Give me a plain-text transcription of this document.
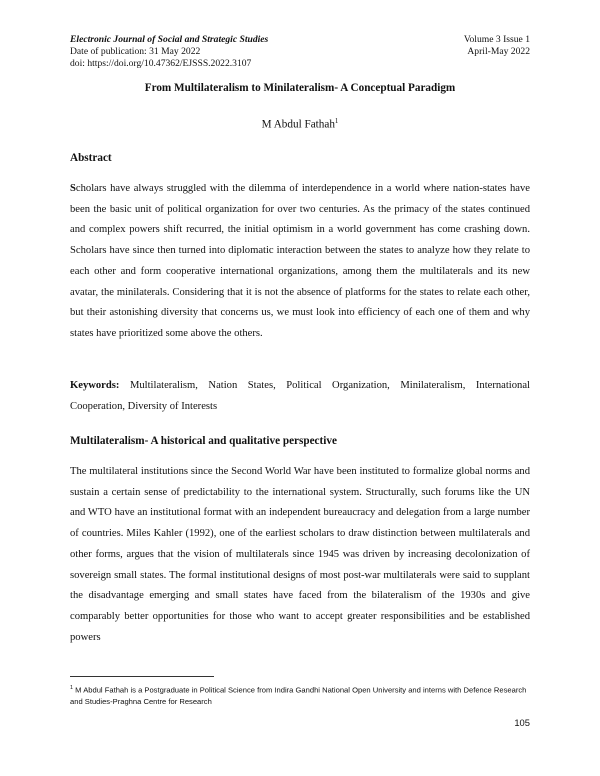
Electronic Journal of Social and Strategic Studies
Date of publication: 31 May 2022
doi: https://doi.org/10.47362/EJSSS.2022.3107
Volume 3 Issue 1
April-May 2022
From Multilateralism to Minilateralism- A Conceptual Paradigm
M Abdul Fathah$^1$
Abstract
Scholars have always struggled with the dilemma of interdependence in a world where nation-states have been the basic unit of political organization for over two centuries. As the primacy of the states continued and complex powers shift recurred, the initial optimism in a world government has come crashing down. Scholars have since then turned into diplomatic interaction between the states to analyze how they relate to each other and form cooperative international organizations, among them the multilaterals and its new avatar, the minilaterals. Considering that it is not the absence of platforms for the states to relate each other, but their astonishing diversity that concerns us, we must look into efficiency of each one of them and why states have prioritized some above the others.
Keywords: Multilateralism, Nation States, Political Organization, Minilateralism, International Cooperation, Diversity of Interests
Multilateralism- A historical and qualitative perspective
The multilateral institutions since the Second World War have been instituted to formalize global norms and sustain a certain sense of predictability to the international system. Structurally, such forums like the UN and WTO have an institutional format with an independent bureaucracy and delegation from a large number of countries. Miles Kahler (1992), one of the earliest scholars to draw distinction between multilaterals and other forms, argues that the vision of multilaterals since 1945 was driven by increasing decolonization of sovereign small states. The formal institutional designs of most post-war multilaterals were said to supplant the disadvantage emerging and small states have faced from the bilateralism of the 1930s and give comparably better opportunities for those who want to accept greater responsibilities and be established powers
$^1$ M Abdul Fathah is a Postgraduate in Political Science from Indira Gandhi National Open University and interns with Defence Research and Studies-Praghna Centre for Research
105
